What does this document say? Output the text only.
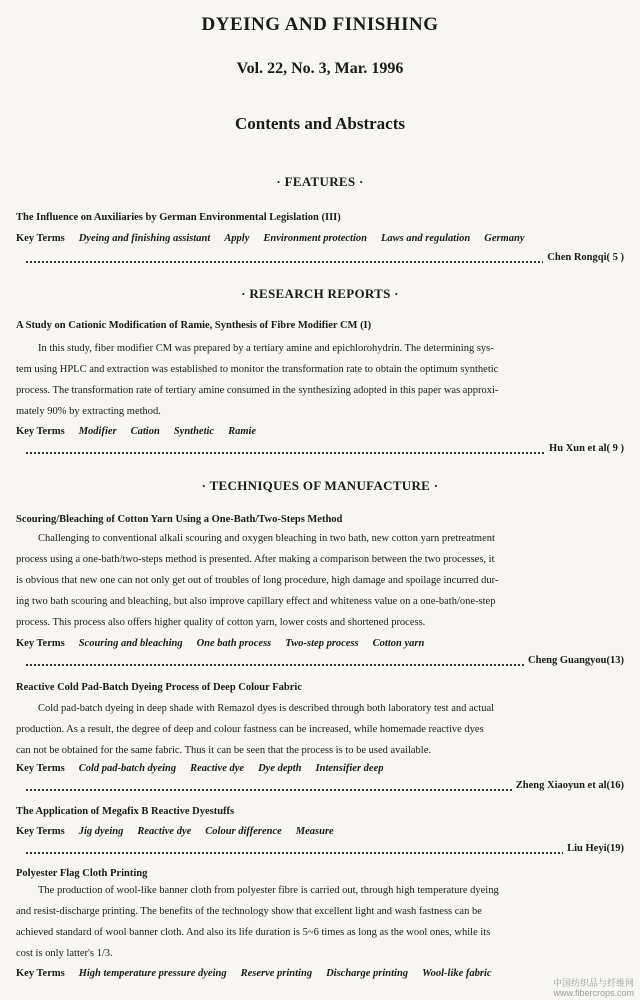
DYEING AND FINISHING
Vol. 22, No. 3, Mar. 1996
Contents and Abstracts
· FEATURES ·
The Influence on Auxiliaries by German Environmental Legislation (III)
Key Terms Dyeing and finishing assistant Apply Environment protection Laws and regulation Germany
Chen Rongqi( 5 )
· RESEARCH REPORTS ·
A Study on Cationic Modification of Ramie, Synthesis of Fibre Modifier CM (I)
In this study, fiber modifier CM was prepared by a tertiary amine and epichlorohydrin. The determining sys-
tem using HPLC and extraction was established to monitor the transformation rate to obtain the optimum synthetic
process. The transformation rate of tertiary amine consumed in the synthesizing adopted in this paper was approxi-
mately 90% by extracting method.
Key Terms Modifier Cation Synthetic Ramie
Hu Xun et al( 9 )
· TECHNIQUES OF MANUFACTURE ·
Scouring/Bleaching of Cotton Yarn Using a One-Bath/Two-Steps Method
Challenging to conventional alkali scouring and oxygen bleaching in two bath, new cotton yarn pretreatment
process using a one-bath/two-steps method is presented. After making a comparison between the two processes, it
is obvious that new one can not only get out of troubles of long procedure, high damage and spoilage incurred dur-
ing two bath scouring and bleaching, but also improve capillary effect and whiteness value on a one-bath/one-step
process. This process also offers higher quality of cotton yarn, lower costs and shortened process.
Key Terms Scouring and bleaching One bath process Two-step process Cotton yarn
Cheng Guangyou(13)
Reactive Cold Pad-Batch Dyeing Process of Deep Colour Fabric
Cold pad-batch dyeing in deep shade with Remazol dyes is described through both laboratory test and actual
production. As a result, the degree of deep and colour fastness can be increased, while homemade reactive dyes
can not be obtained for the same fabric. Thus it can be seen that the process is to be used available.
Key Terms Cold pad-batch dyeing Reactive dye Dye depth Intensifier deep
Zheng Xiaoyun et al(16)
The Application of Megafix B Reactive Dyestuffs
Key Terms Jig dyeing Reactive dye Colour difference Measure
Liu Heyi(19)
Polyester Flag Cloth Printing
The production of wool-like banner cloth from polyester fibre is carried out, through high temperature dyeing
and resist-discharge printing. The benefits of the technology show that excellent light and wash fastness can be
achieved standard of wool banner cloth. And also its life duration is 5~6 times as long as the wool ones, while its
cost is only latter's 1/3.
Key Terms High temperature pressure dyeing Reserve printing Discharge printing Wool-like fabric
中国纺织品与纤维网
www.fibercrops.com
